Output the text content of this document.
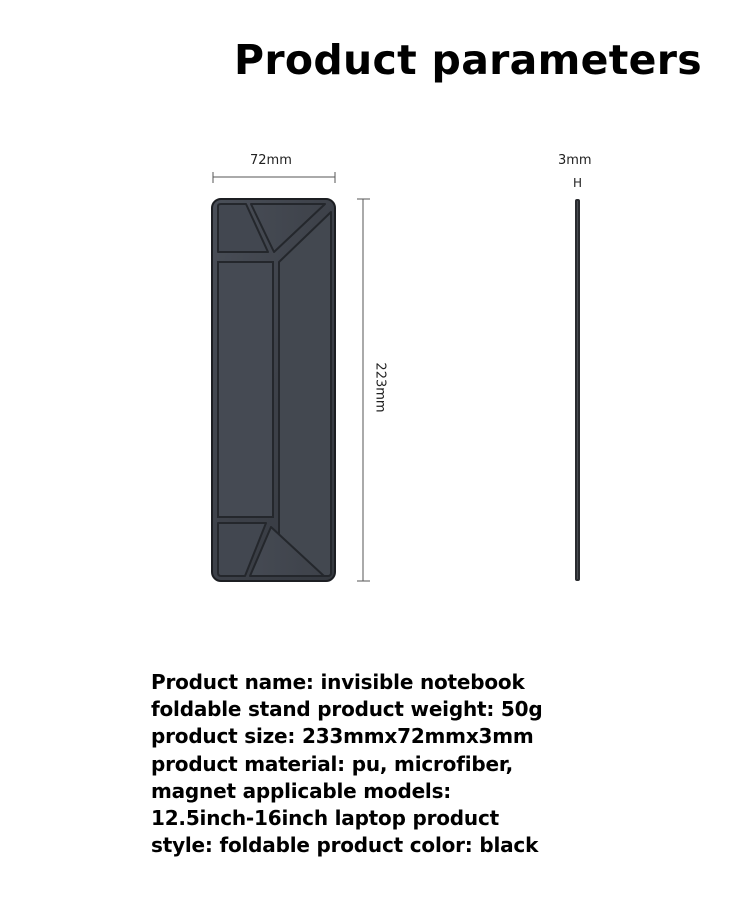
Product parameters
72mm	3mm
H
223mm
Product name: invisible notebook
foldable stand product weight: 50g
product size: 233mmx72mmx3mm
product material: pu, microfiber,
magnet applicable models:
12.5inch-16inch laptop product
style: foldable product color: black
